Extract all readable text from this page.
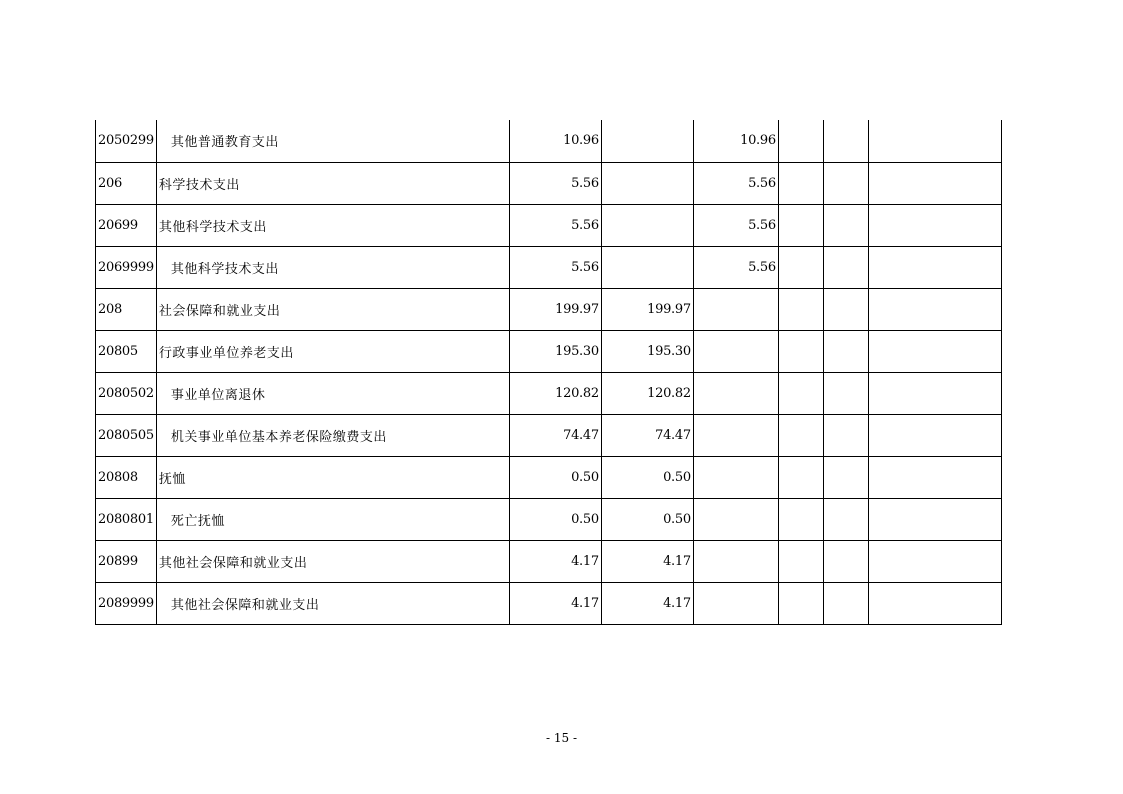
2050299	其他普通教育支出	10.96		10.96			
206	科学技术支出	5.56		5.56			
20699	其他科学技术支出	5.56		5.56			
2069999	其他科学技术支出	5.56		5.56			
208	社会保障和就业支出	199.97	199.97				
20805	行政事业单位养老支出	195.30	195.30				
2080502	事业单位离退休	120.82	120.82				
2080505	机关事业单位基本养老保险缴费支出	74.47	74.47				
20808	抚恤	0.50	0.50				
2080801	死亡抚恤	0.50	0.50				
20899	其他社会保障和就业支出	4.17	4.17				
2089999	其他社会保障和就业支出	4.17	4.17				
- 15 -
